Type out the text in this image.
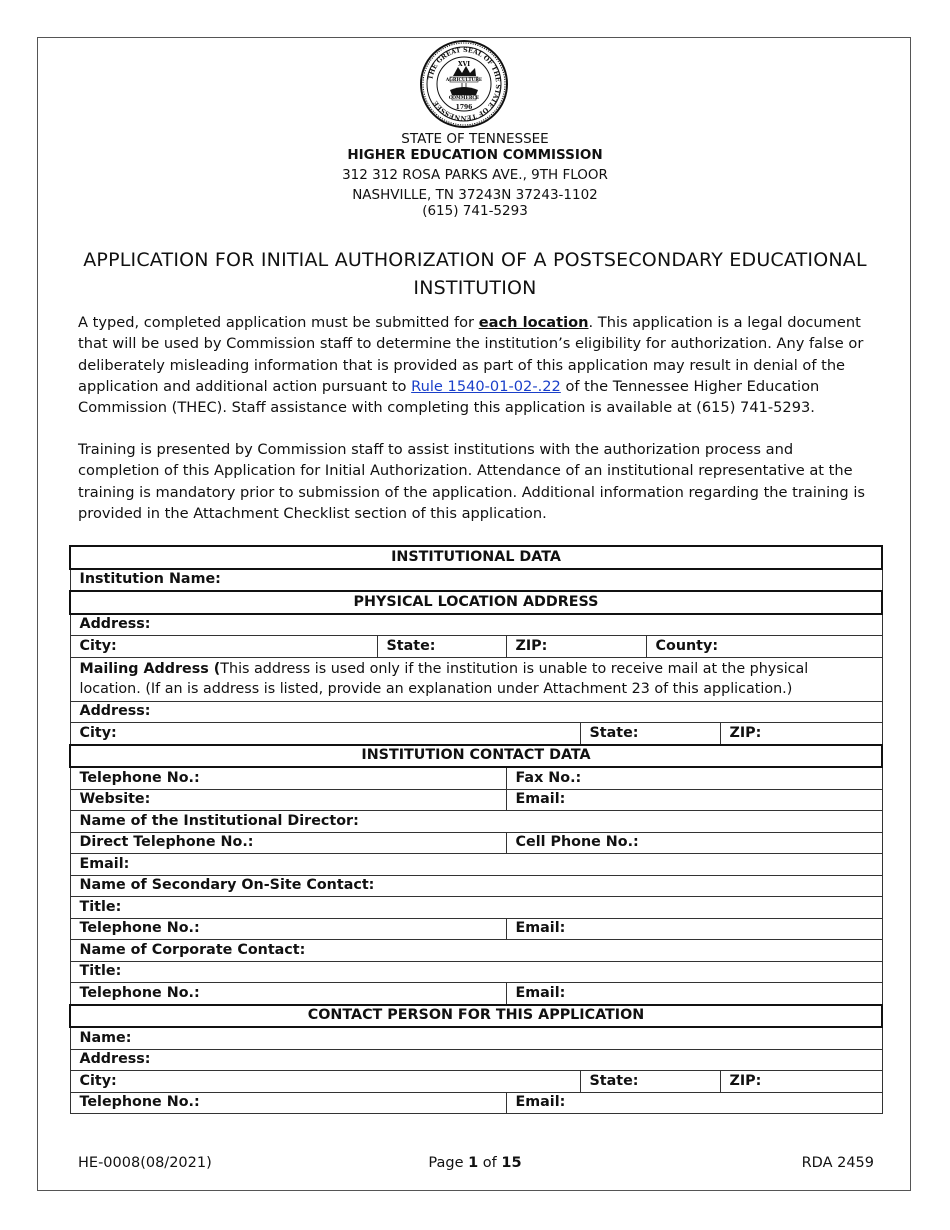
THE GREAT SEAL OF THE STATE OF TENNESSEE
XVI
AGRICULTURE
COMMERCE
1796
STATE OF TENNESSEE
HIGHER EDUCATION COMMISSION
312 312 ROSA PARKS AVE., 9TH FLOOR
NASHVILLE, TN 37243N 37243-1102
(615) 741-5293
APPLICATION FOR INITIAL AUTHORIZATION OF A POSTSECONDARY EDUCATIONAL INSTITUTION
A typed, completed application must be submitted for each location. This application is a legal document that will be used by Commission staff to determine the institution’s eligibility for authorization. Any false or deliberately misleading information that is provided as part of this application may result in denial of the application and additional action pursuant to Rule 1540-01-02-.22 of the Tennessee Higher Education Commission (THEC). Staff assistance with completing this application is available at (615) 741-5293.
Training is presented by Commission staff to assist institutions with the authorization process and completion of this Application for Initial Authorization. Attendance of an institutional representative at the training is mandatory prior to submission of the application. Additional information regarding the training is provided in the Attachment Checklist section of this application.
INSTITUTIONAL DATA					
Institution Name:					
PHYSICAL LOCATION ADDRESS					
Address:					
City:	State:	ZIP:		County:	
Mailing Address (This address is used only if the institution is unable to receive mail at the physical location. (If an is address is listed, provide an explanation under Attachment 23 of this application.)					
Address:					
City:			State:		ZIP:
INSTITUTION CONTACT DATA					
Telephone No.:		Fax No.:			
Website:		Email:			
Name of the Institutional Director:					
Direct Telephone No.:		Cell Phone No.:			
Email:					
Name of Secondary On-Site Contact:					
Title:					
Telephone No.:		Email:			
Name of Corporate Contact:					
Title:					
Telephone No.:		Email:			
CONTACT PERSON FOR THIS APPLICATION					
Name:					
Address:					
City:			State:		ZIP:
Telephone No.:		Email:			
HE-0008(08/2021)	Page 1 of 15	RDA 2459
